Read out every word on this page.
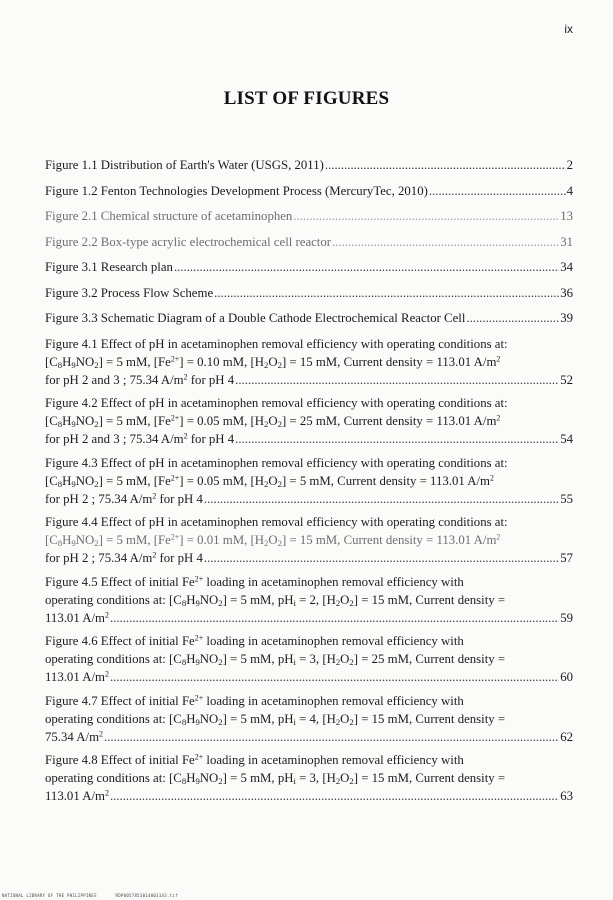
ix
LIST OF FIGURES
Figure 1.1 Distribution of Earth's Water (USGS, 2011) .....	2
Figure 1.2 Fenton Technologies Development Process (MercuryTec, 2010) .....	4
Figure 2.1 Chemical structure of acetaminophen .....	13
Figure 2.2 Box-type acrylic electrochemical cell reactor .....	31
Figure 3.1 Research plan .....	34
Figure 3.2 Process Flow Scheme .....	36
Figure 3.3 Schematic Diagram of a Double Cathode Electrochemical Reactor Cell .....	39
Figure 4.1 Effect of pH in acetaminophen removal efficiency with operating conditions at:
$[C_8H_9NO_2] = 5$ mM, $[Fe^{2+}] = 0.10$ mM, $[H_2O_2] = 15$ mM, Current density = 113.01 $A/m^2$
for pH 2 and 3 ; 75.34 $A/m^2$ for pH 4 .....	52
Figure 4.2 Effect of pH in acetaminophen removal efficiency with operating conditions at:
$[C_8H_9NO_2] = 5$ mM, $[Fe^{2+}] = 0.05$ mM, $[H_2O_2] = 25$ mM, Current density = 113.01 $A/m^2$
for pH 2 and 3 ; 75.34 $A/m^2$ for pH 4 .....	54
Figure 4.3 Effect of pH in acetaminophen removal efficiency with operating conditions at:
$[C_8H_9NO_2] = 5$ mM, $[Fe^{2+}] = 0.05$ mM, $[H_2O_2] = 5$ mM, Current density = 113.01 $A/m^2$
for pH 2 ; 75.34 $A/m^2$ for pH 4 .....	55
Figure 4.4 Effect of pH in acetaminophen removal efficiency with operating conditions at:
$[C_8H_9NO_2] = 5$ mM, $[Fe^{2+}] = 0.01$ mM, $[H_2O_2] = 15$ mM, Current density = 113.01 $A/m^2$
for pH 2 ; 75.34 $A/m^2$ for pH 4 .....	57
Figure 4.5 Effect of initial $Fe^{2+}$ loading in acetaminophen removal efficiency with
operating conditions at: $[C_8H_9NO_2] = 5$ mM, $pH_i = 2$, $[H_2O_2] = 15$ mM, Current density =
113.01 $A/m^2$ .....	59
Figure 4.6 Effect of initial $Fe^{2+}$ loading in acetaminophen removal efficiency with
operating conditions at: $[C_8H_9NO_2] = 5$ mM, $pH_i = 3$, $[H_2O_2] = 25$ mM, Current density =
113.01 $A/m^2$ .....	60
Figure 4.7 Effect of initial $Fe^{2+}$ loading in acetaminophen removal efficiency with
operating conditions at: $[C_8H_9NO_2] = 5$ mM, $pH_i = 4$, $[H_2O_2] = 15$ mM, Current density =
75.34 $A/m^2$ .....	62
Figure 4.8 Effect of initial $Fe^{2+}$ loading in acetaminophen removal efficiency with
operating conditions at: $[C_8H_9NO_2] = 5$ mM, $pH_i = 3$, $[H_2O_2] = 15$ mM, Current density =
113.01 $A/m^2$ .....	63
NATIONAL LIBRARY OF THE PHILIPPINES	RDP0057853014003143.tif
